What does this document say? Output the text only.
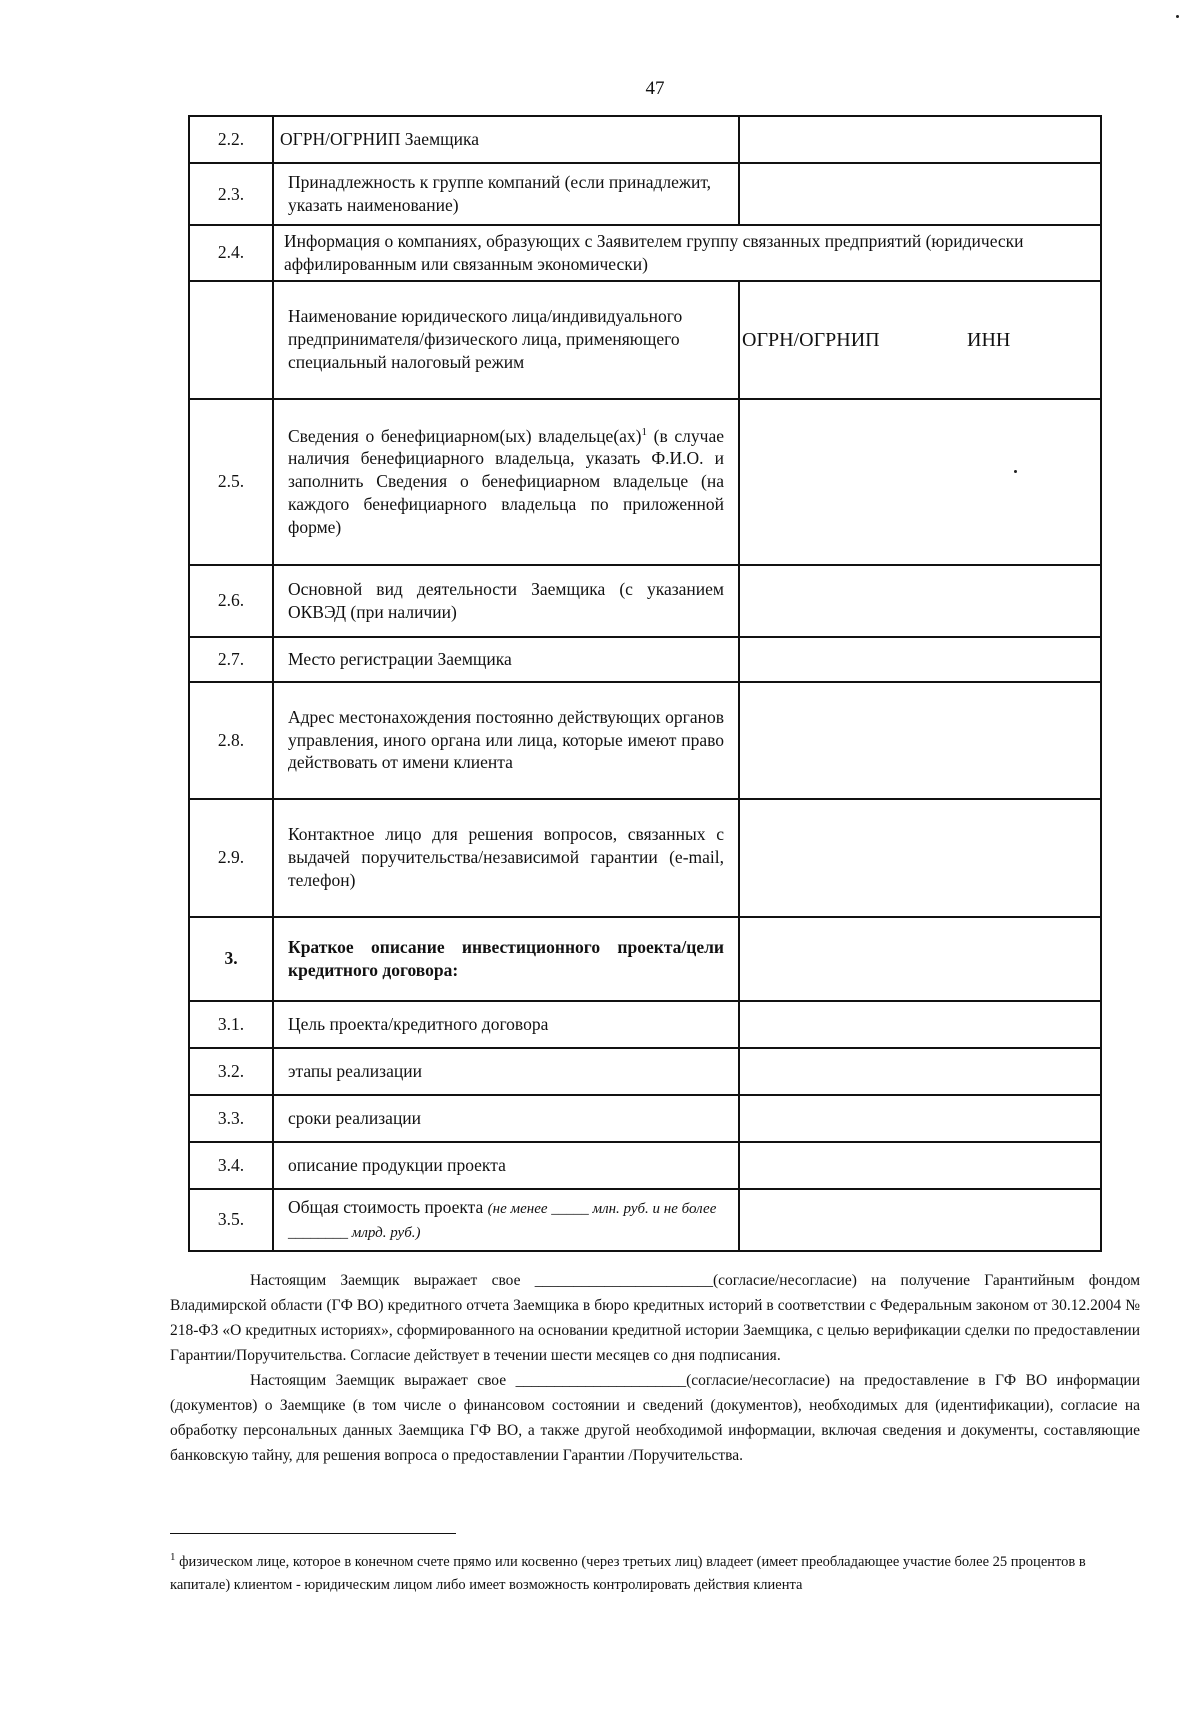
47
2.2.	ОГРН/ОГРНИП Заемщика	
2.3.	Принадлежность к группе компаний (если принадлежит, указать наименование)	
2.4.	Информация о компаниях, образующих с Заявителем группу связанных предприятий (юридически аффилированным или связанным экономически)	
	Наименование юридического лица/индивидуального предпринимателя/физического лица, применяющего специальный налоговый режим	ОГРН/ОГРНИП ИНН
2.5.	Сведения о бенефициарном(ых) владельце(ах)$^1$ (в случае наличия бенефициарного владельца, указать Ф.И.О. и заполнить Сведения о бенефициарном владельце (на каждого бенефициарного владельца по приложенной форме)	
2.6.	Основной вид деятельности Заемщика (с указанием ОКВЭД (при наличии)	
2.7.	Место регистрации Заемщика	
2.8.	Адрес местонахождения постоянно действующих органов управления, иного органа или лица, которые имеют право действовать от имени клиента	
2.9.	Контактное лицо для решения вопросов, связанных с выдачей поручительства/независимой гарантии (e-mail, телефон)	
3.	Краткое описание инвестиционного проекта/цели кредитного договора:	
3.1.	Цель проекта/кредитного договора	
3.2.	этапы реализации	
3.3.	сроки реализации	
3.4.	описание продукции проекта	
3.5.	Общая стоимость проекта (не менее _____ млн. руб. и не более ________ млрд. руб.)	

Настоящим Заемщик выражает свое _______________________(согласие/несогласие) на получение Гарантийным фондом Владимирской области (ГФ ВО) кредитного отчета Заемщика в бюро кредитных историй в соответствии с Федеральным законом от 30.12.2004 № 218-ФЗ «О кредитных историях», сформированного на основании кредитной истории Заемщика, с целью верификации сделки по предоставлении Гарантии/Поручительства. Согласие действует в течении шести месяцев со дня подписания.

Настоящим Заемщик выражает свое ______________________(согласие/несогласие) на предоставление в ГФ ВО информации (документов) о Заемщике (в том числе о финансовом состоянии и сведений (документов), необходимых для (идентификации), согласие на обработку персональных данных Заемщика ГФ ВО, а также другой необходимой информации, включая сведения и документы, составляющие банковскую тайну, для решения вопроса о предоставлении Гарантии /Поручительства.

$^1$ физическом лице, которое в конечном счете прямо или косвенно (через третьих лиц) владеет (имеет преобладающее участие более 25 процентов в капитале) клиентом - юридическим лицом либо имеет возможность контролировать действия клиента
